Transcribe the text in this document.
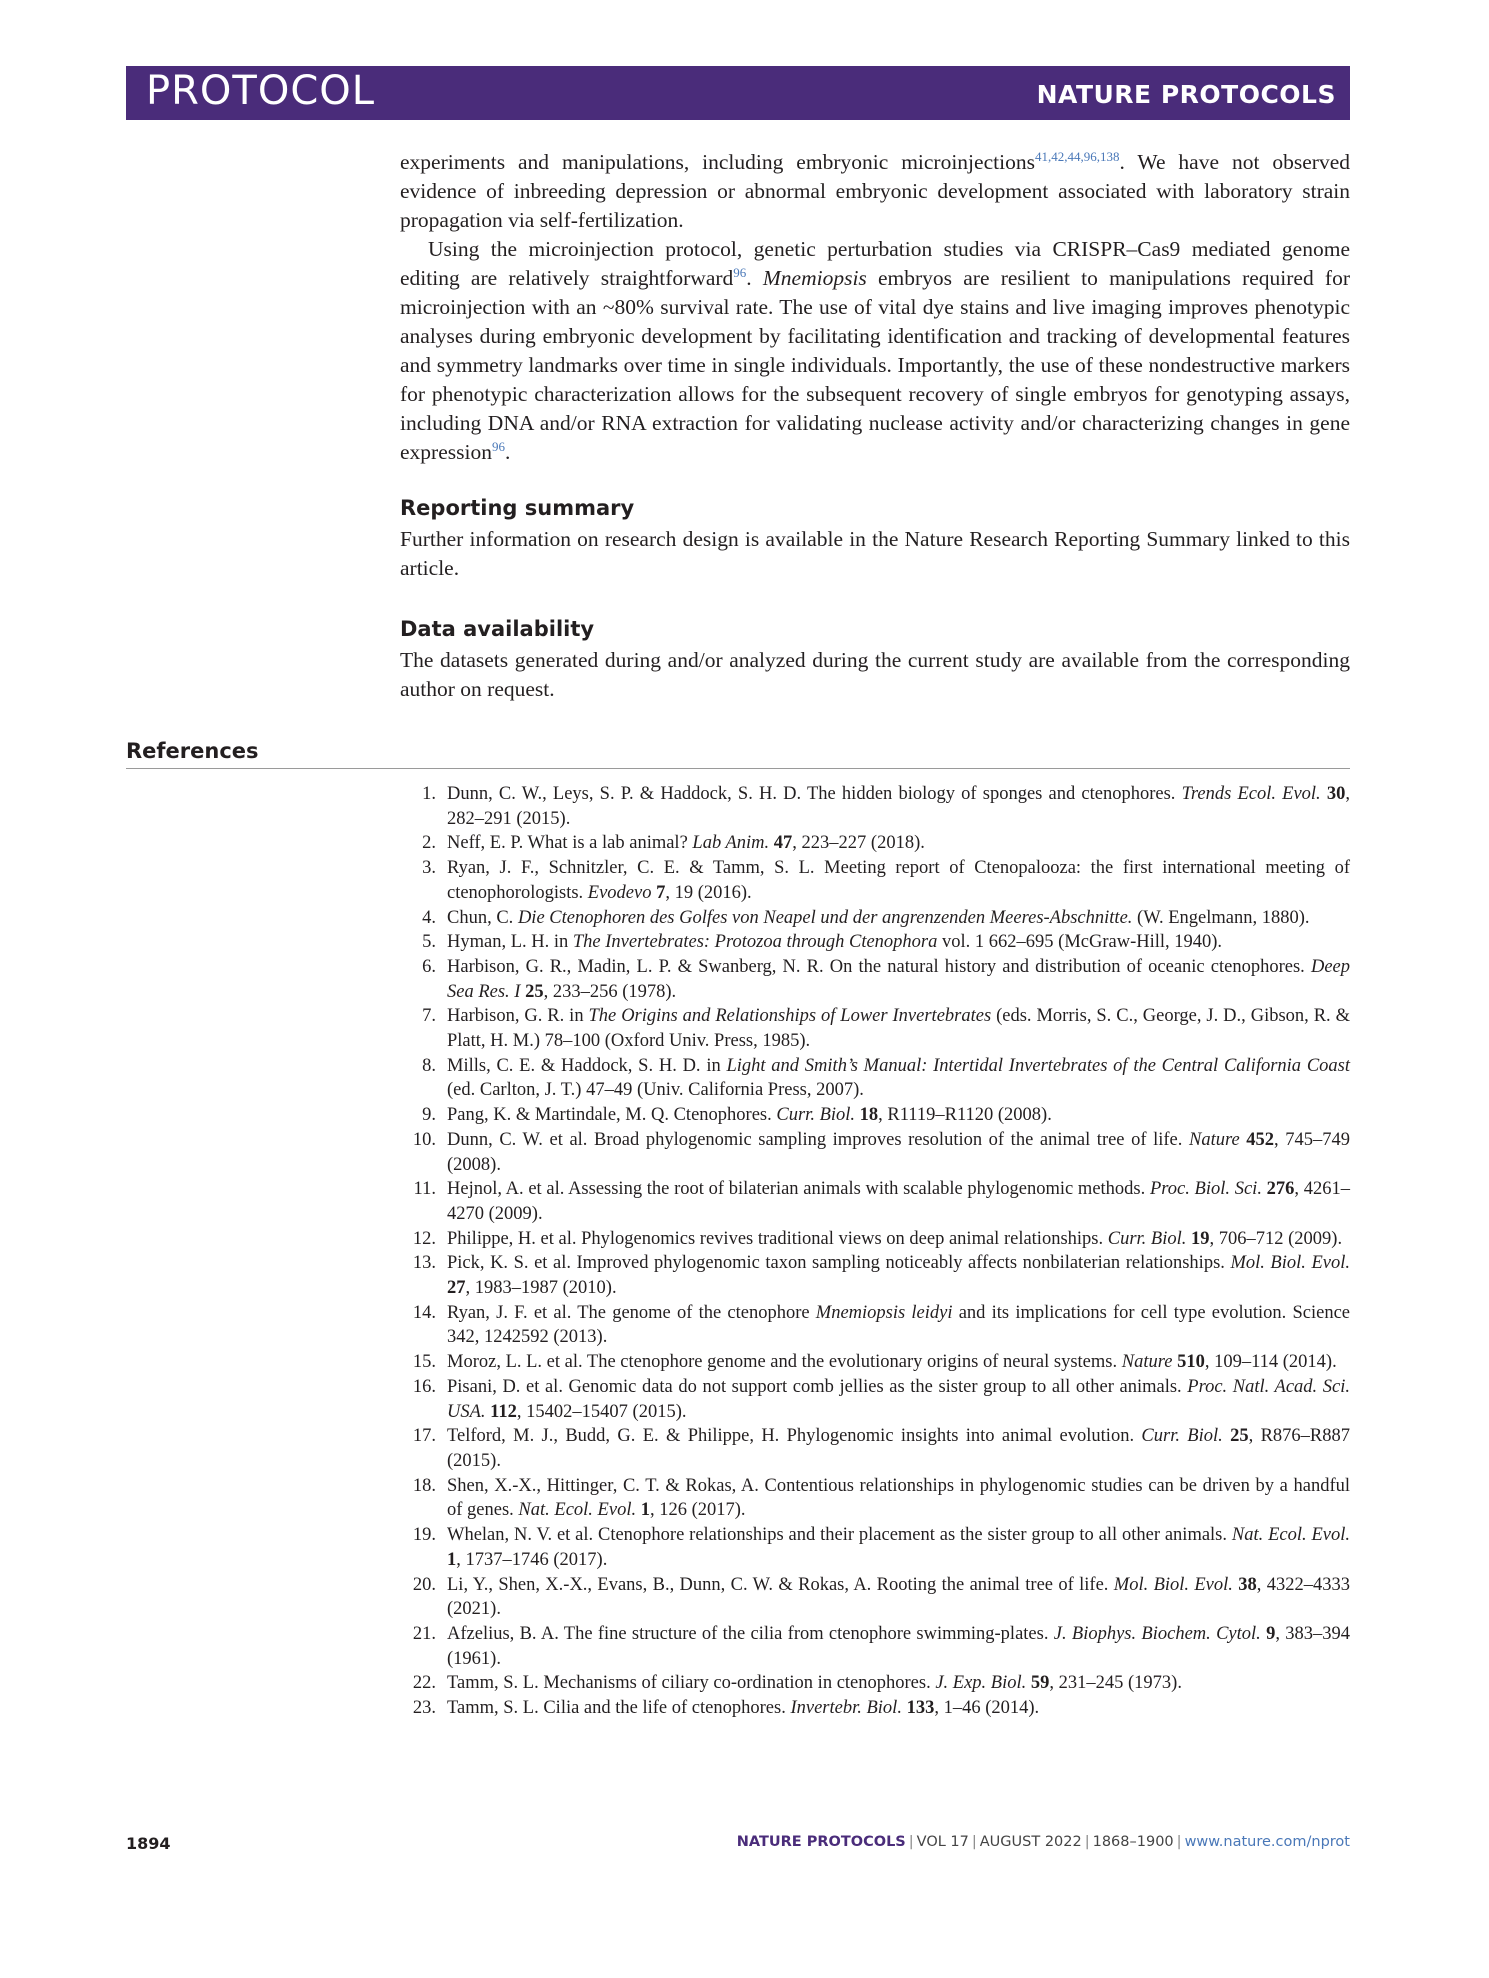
PROTOCOL	NATURE PROTOCOLS

experiments and manipulations, including embryonic microinjections$^{41,42,44,96,138}$. We have not observed evidence of inbreeding depression or abnormal embryonic development associated with laboratory strain propagation via self-fertilization.

Using the microinjection protocol, genetic perturbation studies via CRISPR–Cas9 mediated genome editing are relatively straightforward$^{96}$. Mnemiopsis embryos are resilient to manipulations required for microinjection with an ~80% survival rate. The use of vital dye stains and live imaging improves phenotypic analyses during embryonic development by facilitating identification and tracking of developmental features and symmetry landmarks over time in single individuals. Importantly, the use of these nondestructive markers for phenotypic characterization allows for the subsequent recovery of single embryos for genotyping assays, including DNA and/or RNA extraction for validating nuclease activity and/or characterizing changes in gene expression$^{96}$.

Reporting summary

Further information on research design is available in the Nature Research Reporting Summary linked to this article.

Data availability

The datasets generated during and/or analyzed during the current study are available from the corresponding author on request.

References
1. Dunn, C. W., Leys, S. P. & Haddock, S. H. D. The hidden biology of sponges and ctenophores. Trends Ecol. Evol. 30, 282–291 (2015).
2. Neff, E. P. What is a lab animal? Lab Anim. 47, 223–227 (2018).
3. Ryan, J. F., Schnitzler, C. E. & Tamm, S. L. Meeting report of Ctenopalooza: the first international meeting of ctenophorologists. Evodevo 7, 19 (2016).
4. Chun, C. Die Ctenophoren des Golfes von Neapel und der angrenzenden Meeres-Abschnitte. (W. Engelmann, 1880).
5. Hyman, L. H. in The Invertebrates: Protozoa through Ctenophora vol. 1 662–695 (McGraw-Hill, 1940).
6. Harbison, G. R., Madin, L. P. & Swanberg, N. R. On the natural history and distribution of oceanic ctenophores. Deep Sea Res. I 25, 233–256 (1978).
7. Harbison, G. R. in The Origins and Relationships of Lower Invertebrates (eds. Morris, S. C., George, J. D., Gibson, R. & Platt, H. M.) 78–100 (Oxford Univ. Press, 1985).
8. Mills, C. E. & Haddock, S. H. D. in Light and Smith’s Manual: Intertidal Invertebrates of the Central California Coast (ed. Carlton, J. T.) 47–49 (Univ. California Press, 2007).
9. Pang, K. & Martindale, M. Q. Ctenophores. Curr. Biol. 18, R1119–R1120 (2008).
10. Dunn, C. W. et al. Broad phylogenomic sampling improves resolution of the animal tree of life. Nature 452, 745–749 (2008).
11. Hejnol, A. et al. Assessing the root of bilaterian animals with scalable phylogenomic methods. Proc. Biol. Sci. 276, 4261–4270 (2009).
12. Philippe, H. et al. Phylogenomics revives traditional views on deep animal relationships. Curr. Biol. 19, 706–712 (2009).
13. Pick, K. S. et al. Improved phylogenomic taxon sampling noticeably affects nonbilaterian relationships. Mol. Biol. Evol. 27, 1983–1987 (2010).
14. Ryan, J. F. et al. The genome of the ctenophore Mnemiopsis leidyi and its implications for cell type evolution. Science 342, 1242592 (2013).
15. Moroz, L. L. et al. The ctenophore genome and the evolutionary origins of neural systems. Nature 510, 109–114 (2014).
16. Pisani, D. et al. Genomic data do not support comb jellies as the sister group to all other animals. Proc. Natl. Acad. Sci. USA. 112, 15402–15407 (2015).
17. Telford, M. J., Budd, G. E. & Philippe, H. Phylogenomic insights into animal evolution. Curr. Biol. 25, R876–R887 (2015).
18. Shen, X.-X., Hittinger, C. T. & Rokas, A. Contentious relationships in phylogenomic studies can be driven by a handful of genes. Nat. Ecol. Evol. 1, 126 (2017).
19. Whelan, N. V. et al. Ctenophore relationships and their placement as the sister group to all other animals. Nat. Ecol. Evol. 1, 1737–1746 (2017).
20. Li, Y., Shen, X.-X., Evans, B., Dunn, C. W. & Rokas, A. Rooting the animal tree of life. Mol. Biol. Evol. 38, 4322–4333 (2021).
21. Afzelius, B. A. The fine structure of the cilia from ctenophore swimming-plates. J. Biophys. Biochem. Cytol. 9, 383–394 (1961).
22. Tamm, S. L. Mechanisms of ciliary co-ordination in ctenophores. J. Exp. Biol. 59, 231–245 (1973).
23. Tamm, S. L. Cilia and the life of ctenophores. Invertebr. Biol. 133, 1–46 (2014).
1894	NATURE PROTOCOLS | VOL 17 | AUGUST 2022 | 1868–1900 | www.nature.com/nprot
